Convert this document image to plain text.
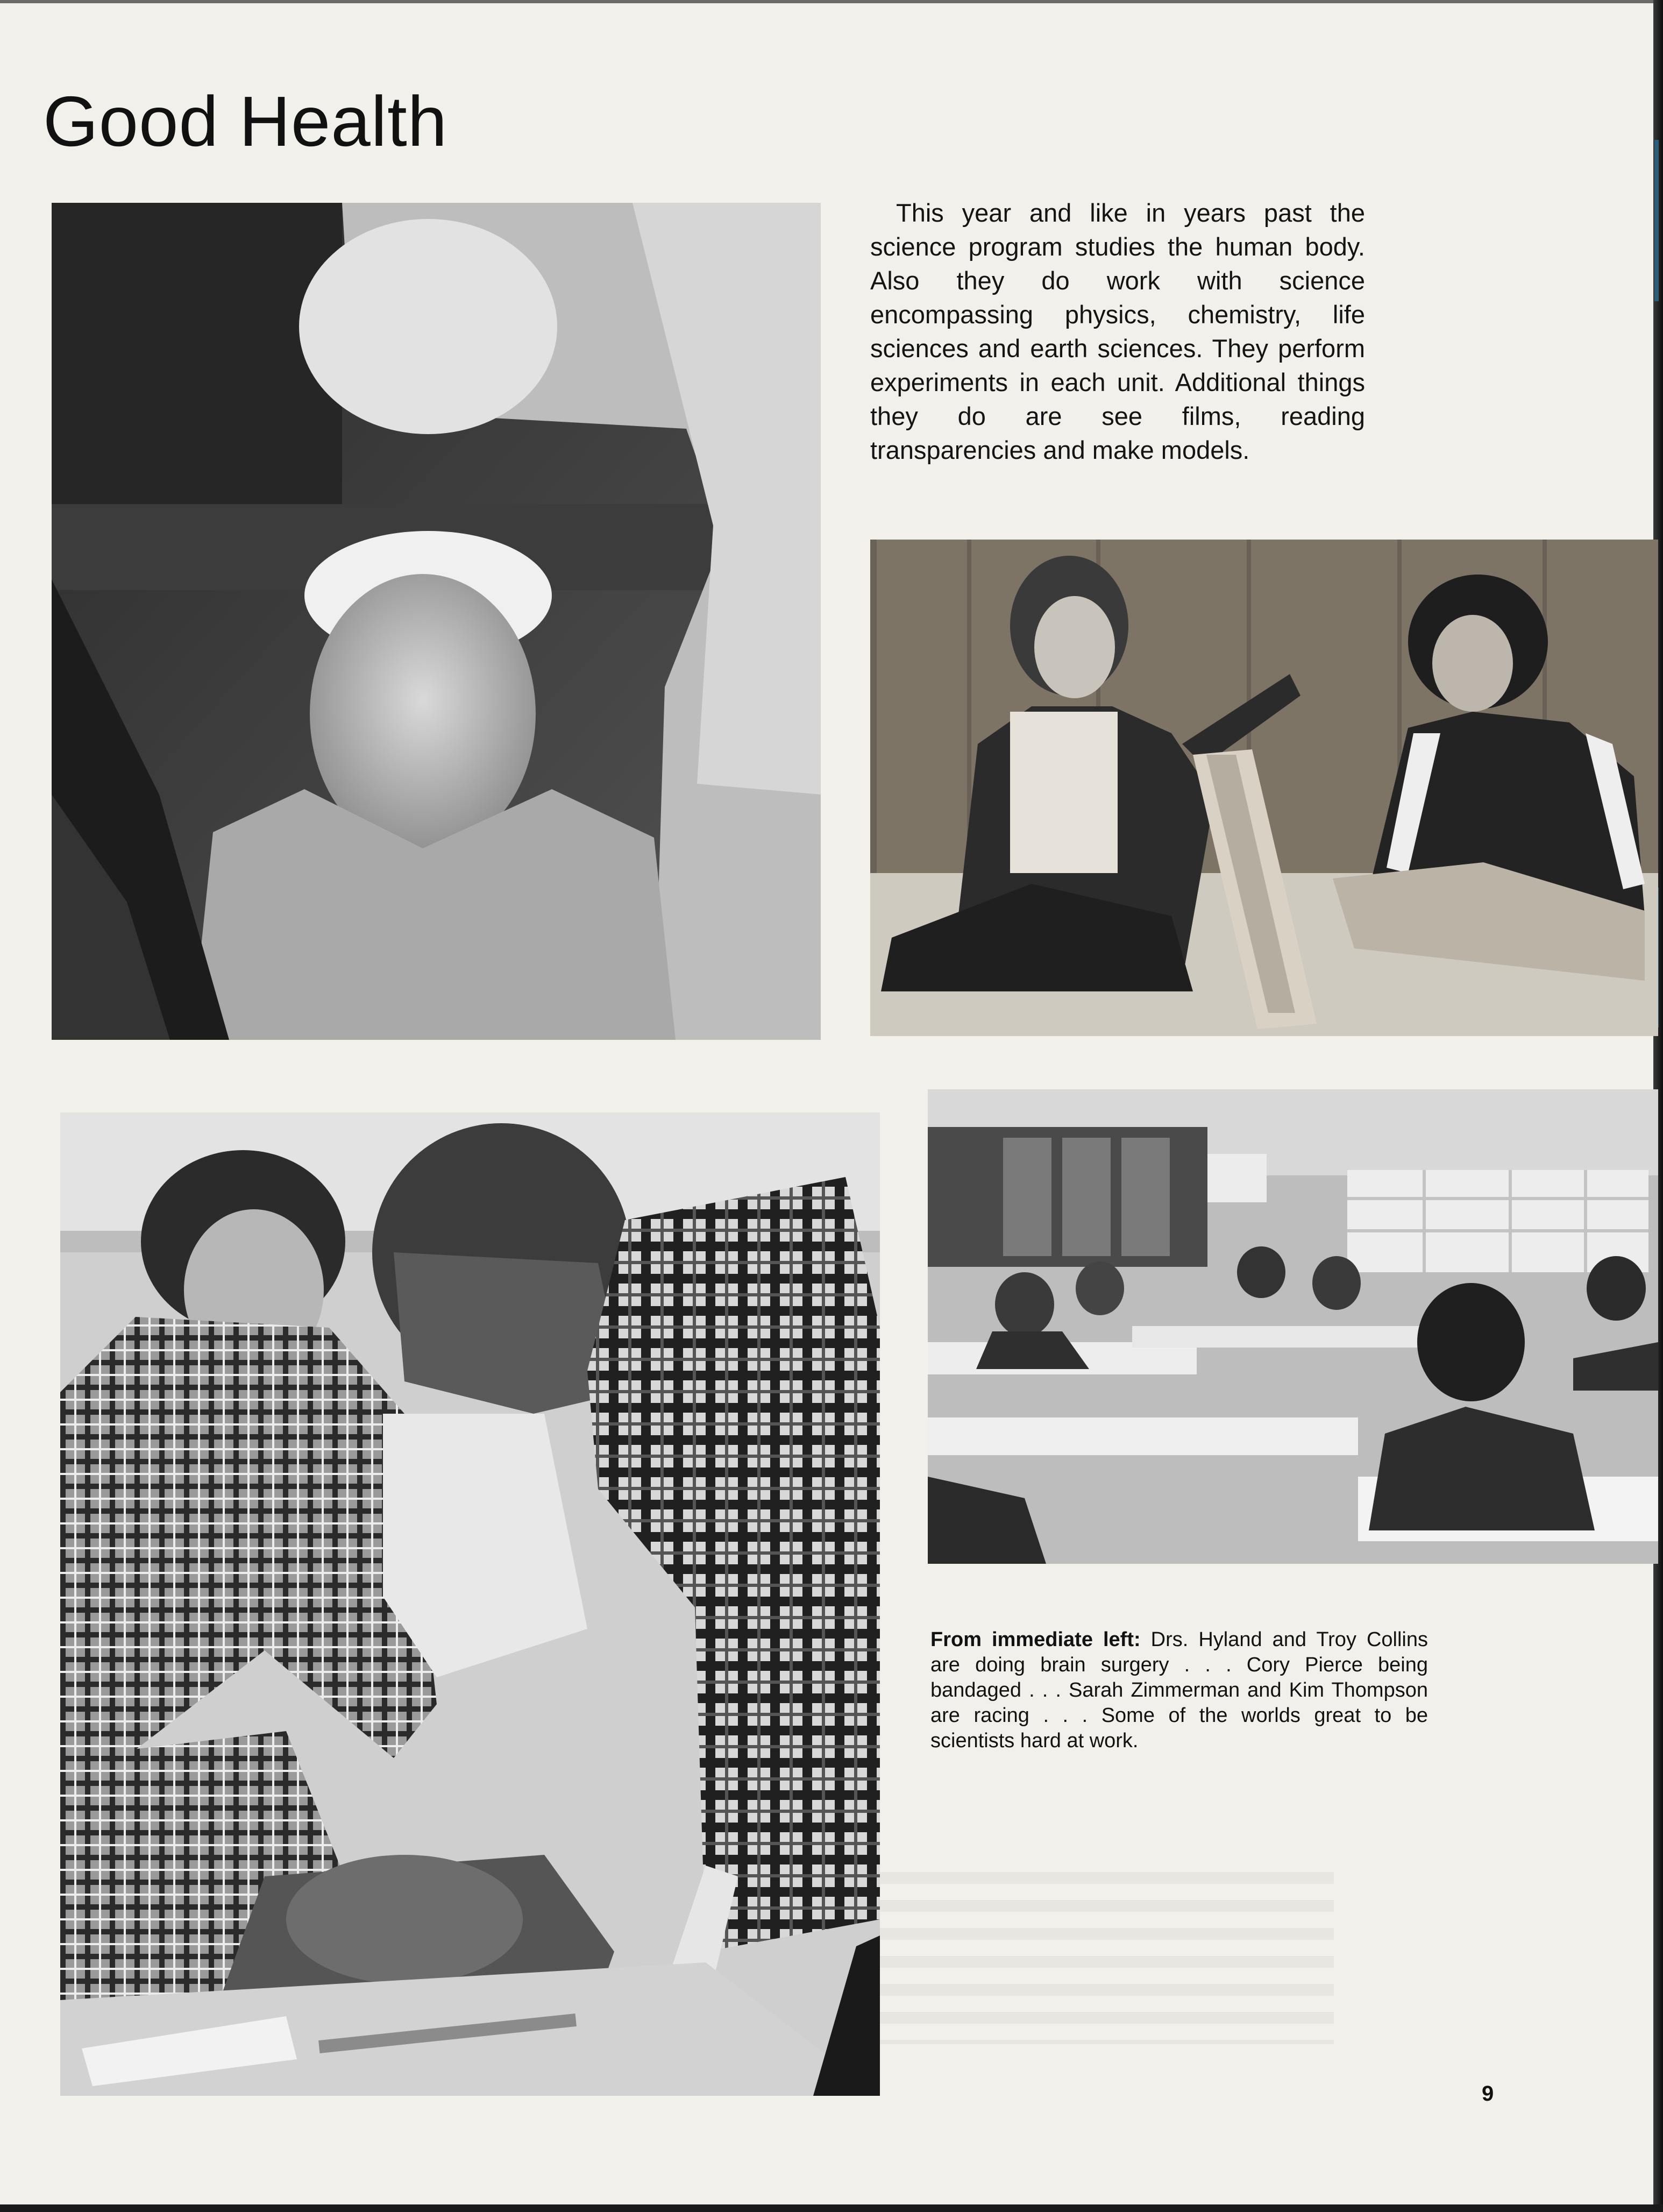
Good Health

This year and like in years past the science program studies the human body. Also they do work with science encompassing physics, chemistry, life sciences and earth sciences. They perform experiments in each unit. Additional things they do are see films, reading transparencies and make models.

From immediate left: Drs. Hyland and Troy Collins are doing brain surgery . . . Cory Pierce being bandaged . . . Sarah Zimmerman and Kim Thompson are racing . . . Some of the worlds great to be scientists hard at work.

9
